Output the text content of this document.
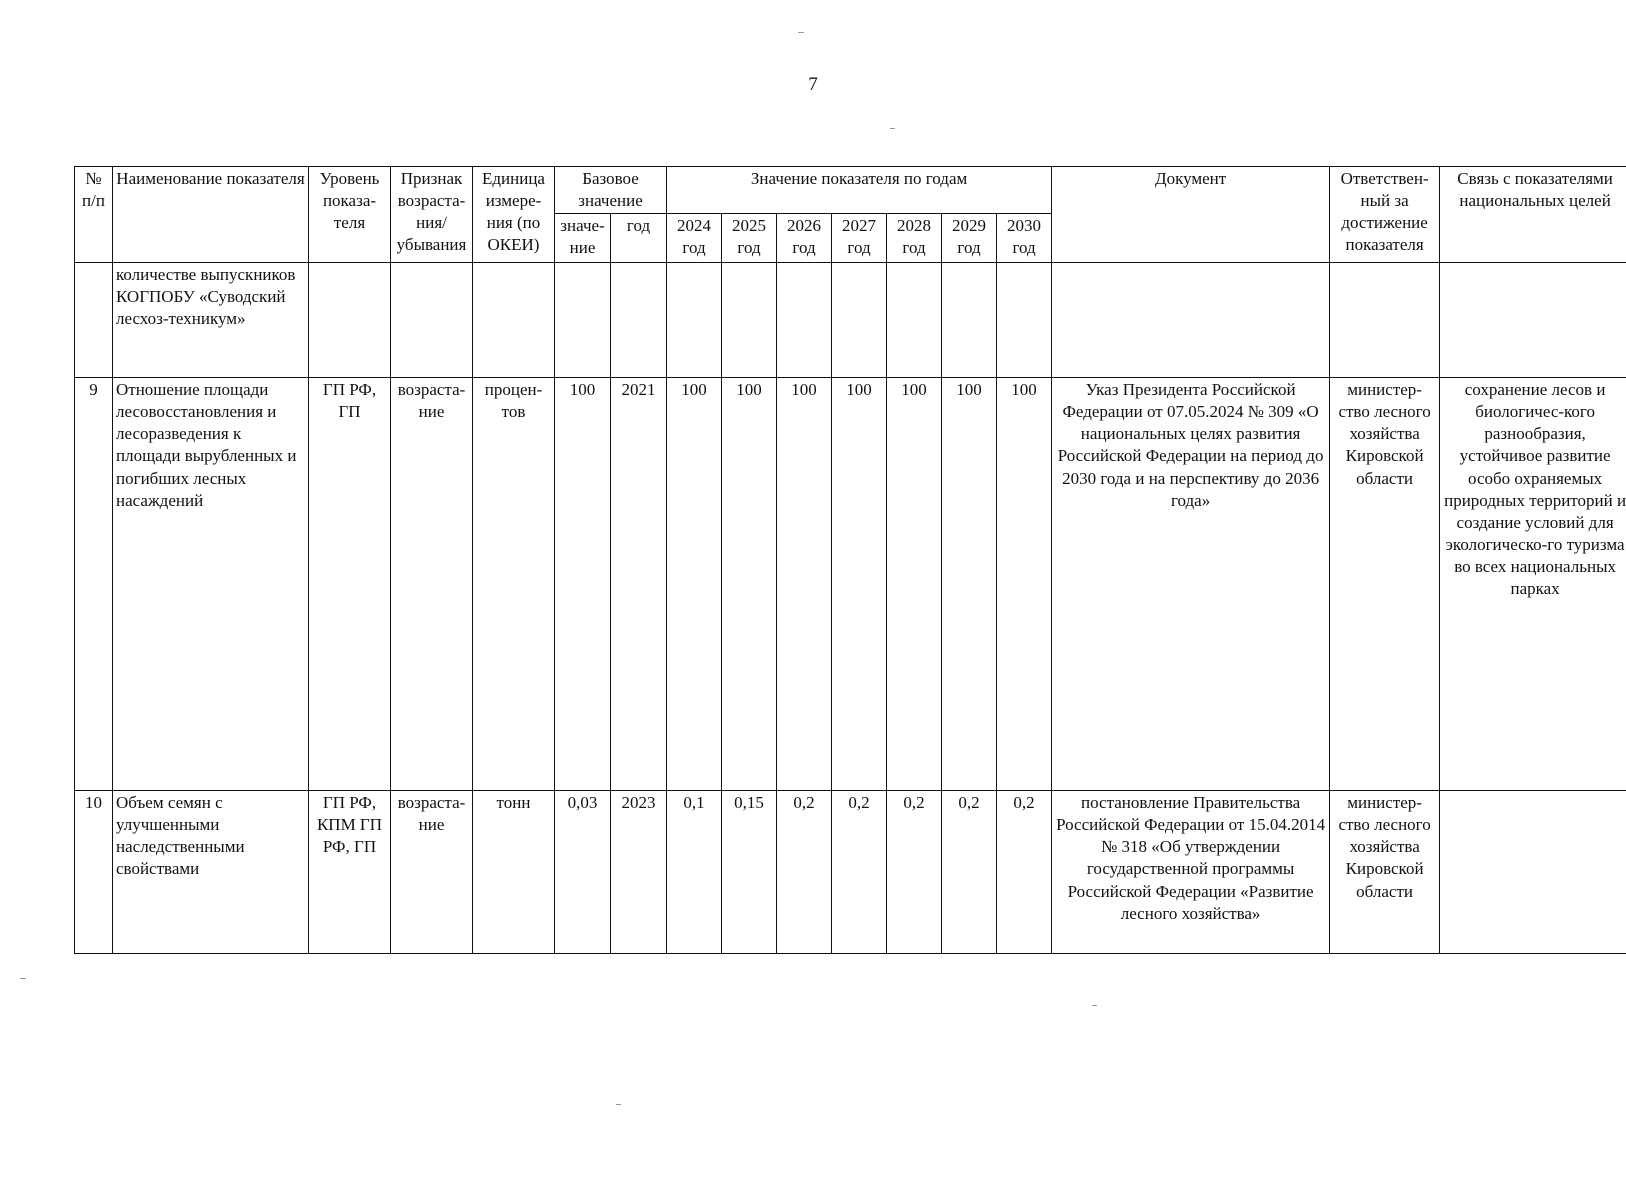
7
№ п/п	Наименование показателя	Уровень показа-теля	Признак возраста-ния/ убывания	Единица измере-ния (по ОКЕИ)	Базовое значение		Значение показателя по годам							Документ	Ответствен-ный за достижение показателя	Связь с показателями национальных целей
					значе-ние	год	2024 год	2025 год	2026 год	2027 год	2028 год	2029 год	2030 год			
	количестве выпускников КОГПОБУ «Суводский лесхоз-техникум»															
9	Отношение площади лесовосстановления и лесоразведения к площади вырубленных и погибших лесных насаждений	ГП РФ, ГП	возраста-ние	процен-тов	100	2021	100	100	100	100	100	100	100	Указ Президента Российской Федерации от 07.05.2024 № 309 «О национальных целях развития Российской Федерации на период до 2030 года и на перспективу до 2036 года»	министер-ство лесного хозяйства Кировской области	сохранение лесов и биологичес-кого разнообразия, устойчивое развитие особо охраняемых природных территорий и создание условий для экологическо-го туризма во всех национальных парках
10	Объем семян с улучшенными наследственными свойствами	ГП РФ, КПМ ГП РФ, ГП	возраста-ние	тонн	0,03	2023	0,1	0,15	0,2	0,2	0,2	0,2	0,2	постановление Правительства Российской Федерации от 15.04.2014 № 318 «Об утверждении государственной программы Российской Федерации «Развитие лесного хозяйства»	министер-ство лесного хозяйства Кировской области	
